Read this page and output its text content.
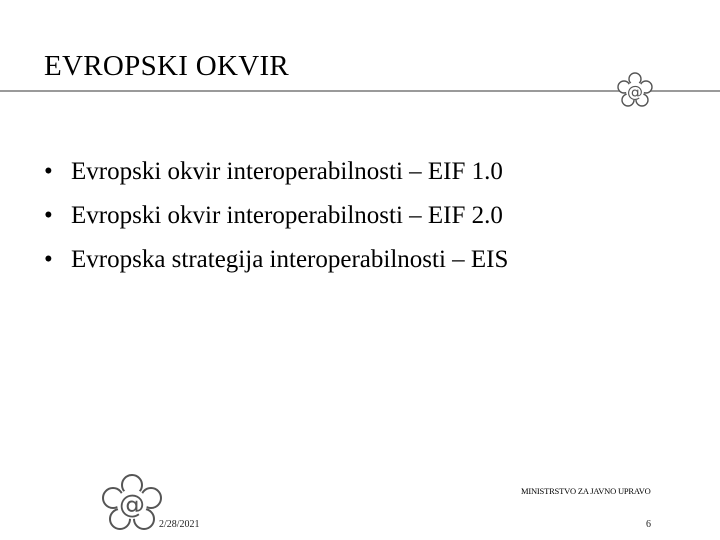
EVROPSKI OKVIR
@
• Evropski okvir interoperabilnosti – EIF 1.0
• Evropski okvir interoperabilnosti – EIF 2.0
• Evropska strategija interoperabilnosti – EIS
@	MINISTRSTVO ZA JAVNO UPRAVO
2/28/2021	6
